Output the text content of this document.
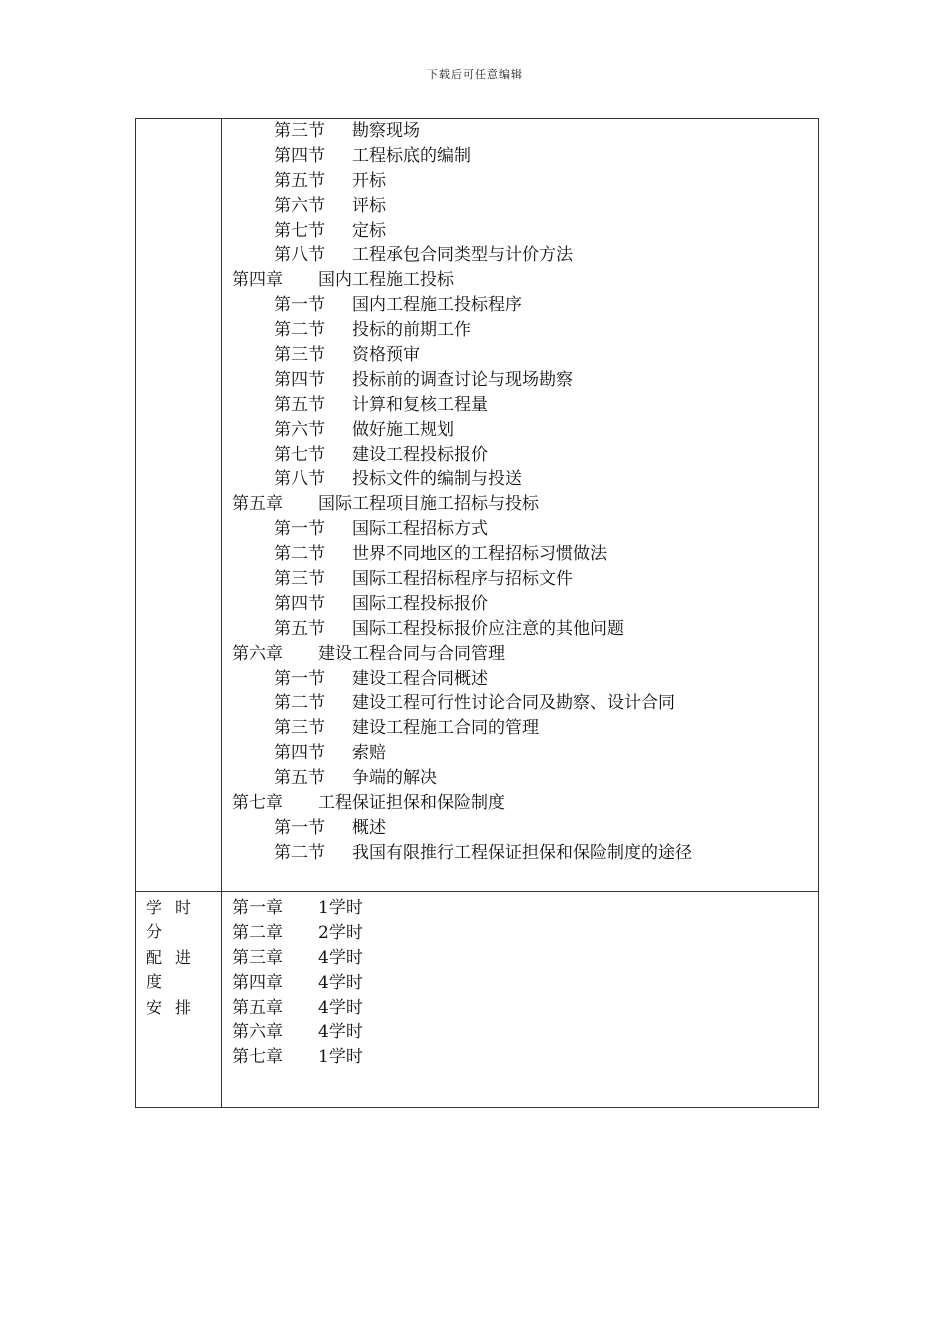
下载后可任意编辑
第三节 勘察现场
第四节 工程标底的编制
第五节 开标
第六节 评标
第七节 定标
第八节 工程承包合同类型与计价方法
第四章 国内工程施工投标
第一节 国内工程施工投标程序
第二节 投标的前期工作
第三节 资格预审
第四节 投标前的调查讨论与现场勘察
第五节 计算和复核工程量
第六节 做好施工规划
第七节 建设工程投标报价
第八节 投标文件的编制与投送
第五章 国际工程项目施工招标与投标
第一节 国际工程招标方式
第二节 世界不同地区的工程招标习惯做法
第三节 国际工程招标程序与招标文件
第四节 国际工程投标报价
第五节 国际工程投标报价应注意的其他问题
第六章 建设工程合同与合同管理
第一节 建设工程合同概述
第二节 建设工程可行性讨论合同及勘察、设计合同
第三节 建设工程施工合同的管理
第四节 索赔
第五节 争端的解决
第七章 工程保证担保和保险制度
第一节 概述
第二节 我国有限推行工程保证担保和保险制度的途径
学时分
配进度
安排
第一章 1学时
第二章 2学时
第三章 4学时
第四章 4学时
第五章 4学时
第六章 4学时
第七章 1学时
